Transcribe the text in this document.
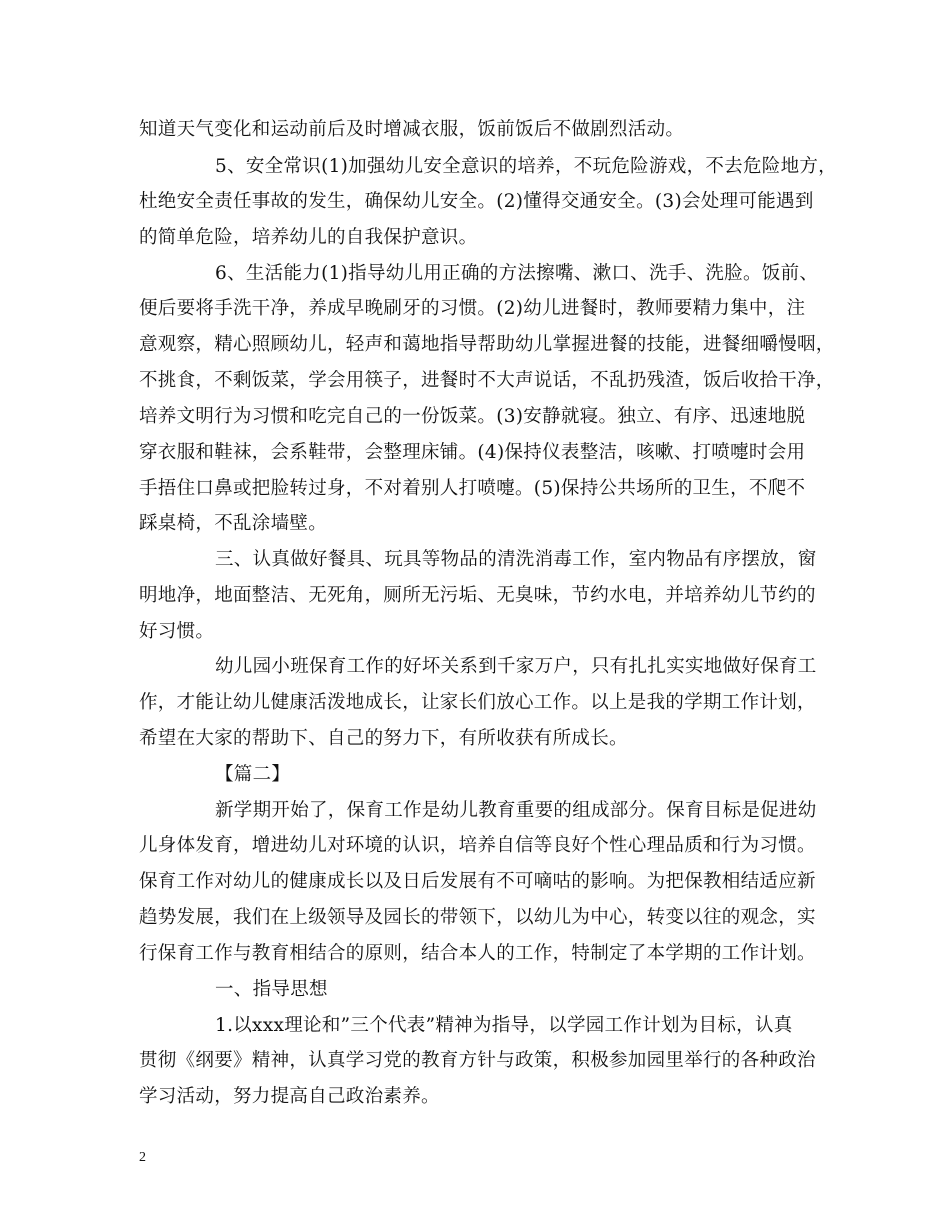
知道天气变化和运动前后及时增减衣服，饭前饭后不做剧烈活动。
5、安全常识(1)加强幼儿安全意识的培养，不玩危险游戏，不去危险地方，
杜绝安全责任事故的发生，确保幼儿安全。(2)懂得交通安全。(3)会处理可能遇到
的简单危险，培养幼儿的自我保护意识。
6、生活能力(1)指导幼儿用正确的方法擦嘴、漱口、洗手、洗脸。饭前、
便后要将手洗干净，养成早晚刷牙的习惯。(2)幼儿进餐时，教师要精力集中，注
意观察，精心照顾幼儿，轻声和蔼地指导帮助幼儿掌握进餐的技能，进餐细嚼慢咽，
不挑食，不剩饭菜，学会用筷子，进餐时不大声说话，不乱扔残渣，饭后收拾干净，
培养文明行为习惯和吃完自己的一份饭菜。(3)安静就寝。独立、有序、迅速地脱
穿衣服和鞋袜，会系鞋带，会整理床铺。(4)保持仪表整洁，咳嗽、打喷嚏时会用
手捂住口鼻或把脸转过身，不对着别人打喷嚏。(5)保持公共场所的卫生，不爬不
踩桌椅，不乱涂墙壁。
三、认真做好餐具、玩具等物品的清洗消毒工作，室内物品有序摆放，窗
明地净，地面整洁、无死角，厕所无污垢、无臭味，节约水电，并培养幼儿节约的
好习惯。
幼儿园小班保育工作的好坏关系到千家万户，只有扎扎实实地做好保育工
作，才能让幼儿健康活泼地成长，让家长们放心工作。以上是我的学期工作计划，
希望在大家的帮助下、自己的努力下，有所收获有所成长。
【篇二】
新学期开始了，保育工作是幼儿教育重要的组成部分。保育目标是促进幼
儿身体发育，增进幼儿对环境的认识，培养自信等良好个性心理品质和行为习惯。
保育工作对幼儿的健康成长以及日后发展有不可嘀咕的影响。为把保教相结适应新
趋势发展，我们在上级领导及园长的带领下，以幼儿为中心，转变以往的观念，实
行保育工作与教育相结合的原则，结合本人的工作，特制定了本学期的工作计划。
一、指导思想
1.以xxx理论和”三个代表”精神为指导，以学园工作计划为目标，认真
贯彻《纲要》精神，认真学习党的教育方针与政策，积极参加园里举行的各种政治
学习活动，努力提高自己政治素养。
2
